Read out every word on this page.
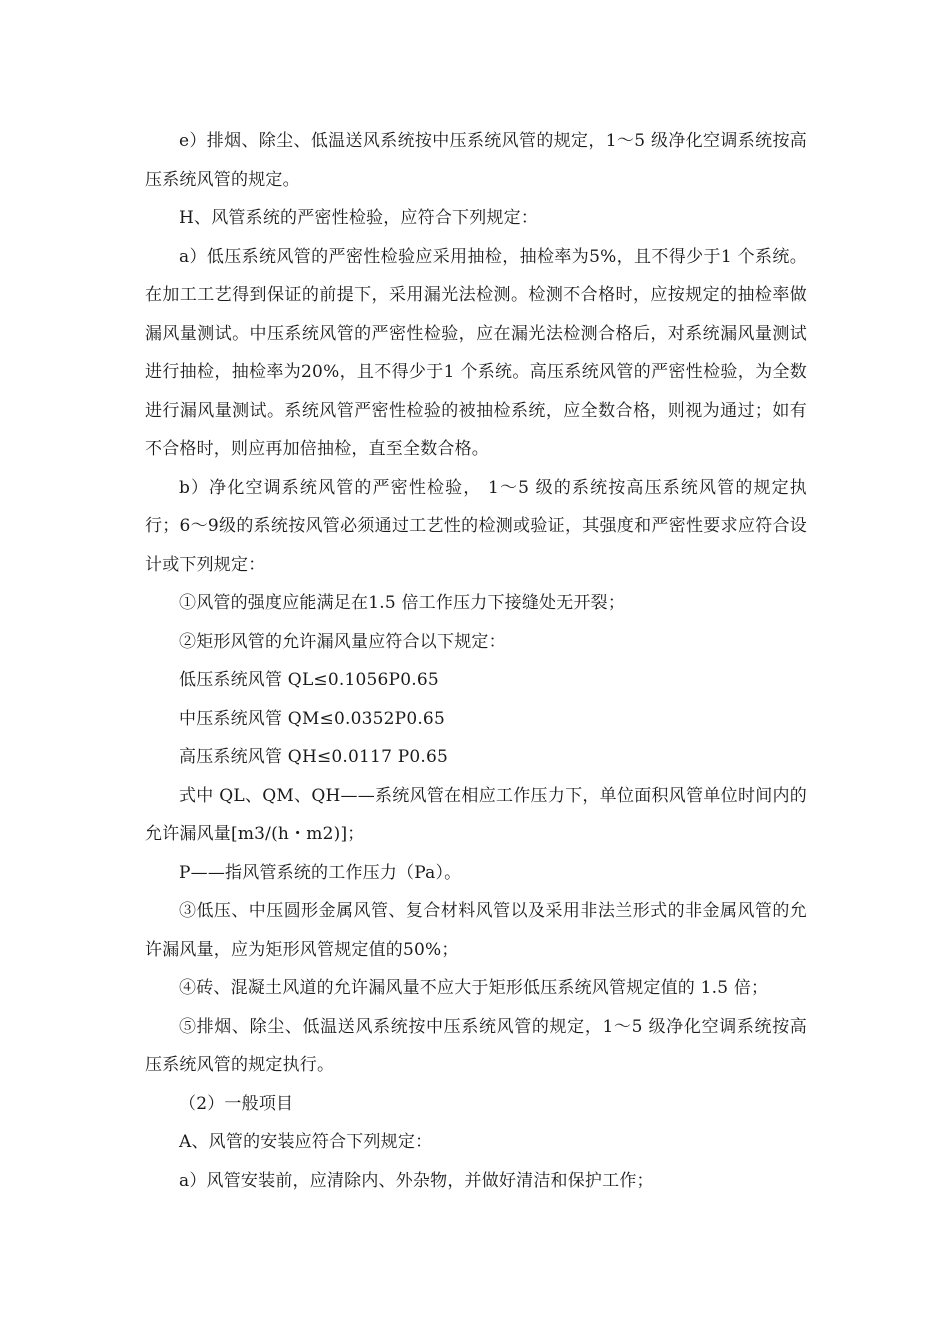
e）排烟、除尘、低温送风系统按中压系统风管的规定，1～5 级净化空调系统按高压系统风管的规定。

H、风管系统的严密性检验，应符合下列规定：

a）低压系统风管的严密性检验应采用抽检，抽检率为5%，且不得少于1 个系统。在加工工艺得到保证的前提下，采用漏光法检测。检测不合格时，应按规定的抽检率做漏风量测试。中压系统风管的严密性检验，应在漏光法检测合格后，对系统漏风量测试进行抽检，抽检率为20%，且不得少于1 个系统。高压系统风管的严密性检验，为全数进行漏风量测试。系统风管严密性检验的被抽检系统，应全数合格，则视为通过；如有不合格时，则应再加倍抽检，直至全数合格。

b）净化空调系统风管的严密性检验， 1～5 级的系统按高压系统风管的规定执行；6～9级的系统按风管必须通过工艺性的检测或验证，其强度和严密性要求应符合设计或下列规定：

①风管的强度应能满足在1.5 倍工作压力下接缝处无开裂；

②矩形风管的允许漏风量应符合以下规定：

低压系统风管 QL≤0.1056P0.65

中压系统风管 QM≤0.0352P0.65

高压系统风管 QH≤0.0117 P0.65

式中 QL、QM、QH——系统风管在相应工作压力下，单位面积风管单位时间内的允许漏风量[m3/(h・m2)]；

P——指风管系统的工作压力（Pa）。

③低压、中压圆形金属风管、复合材料风管以及采用非法兰形式的非金属风管的允许漏风量，应为矩形风管规定值的50%；

④砖、混凝土风道的允许漏风量不应大于矩形低压系统风管规定值的 1.5 倍；

⑤排烟、除尘、低温送风系统按中压系统风管的规定，1～5 级净化空调系统按高压系统风管的规定执行。

（2）一般项目

A、风管的安装应符合下列规定：

a）风管安装前，应清除内、外杂物，并做好清洁和保护工作；
